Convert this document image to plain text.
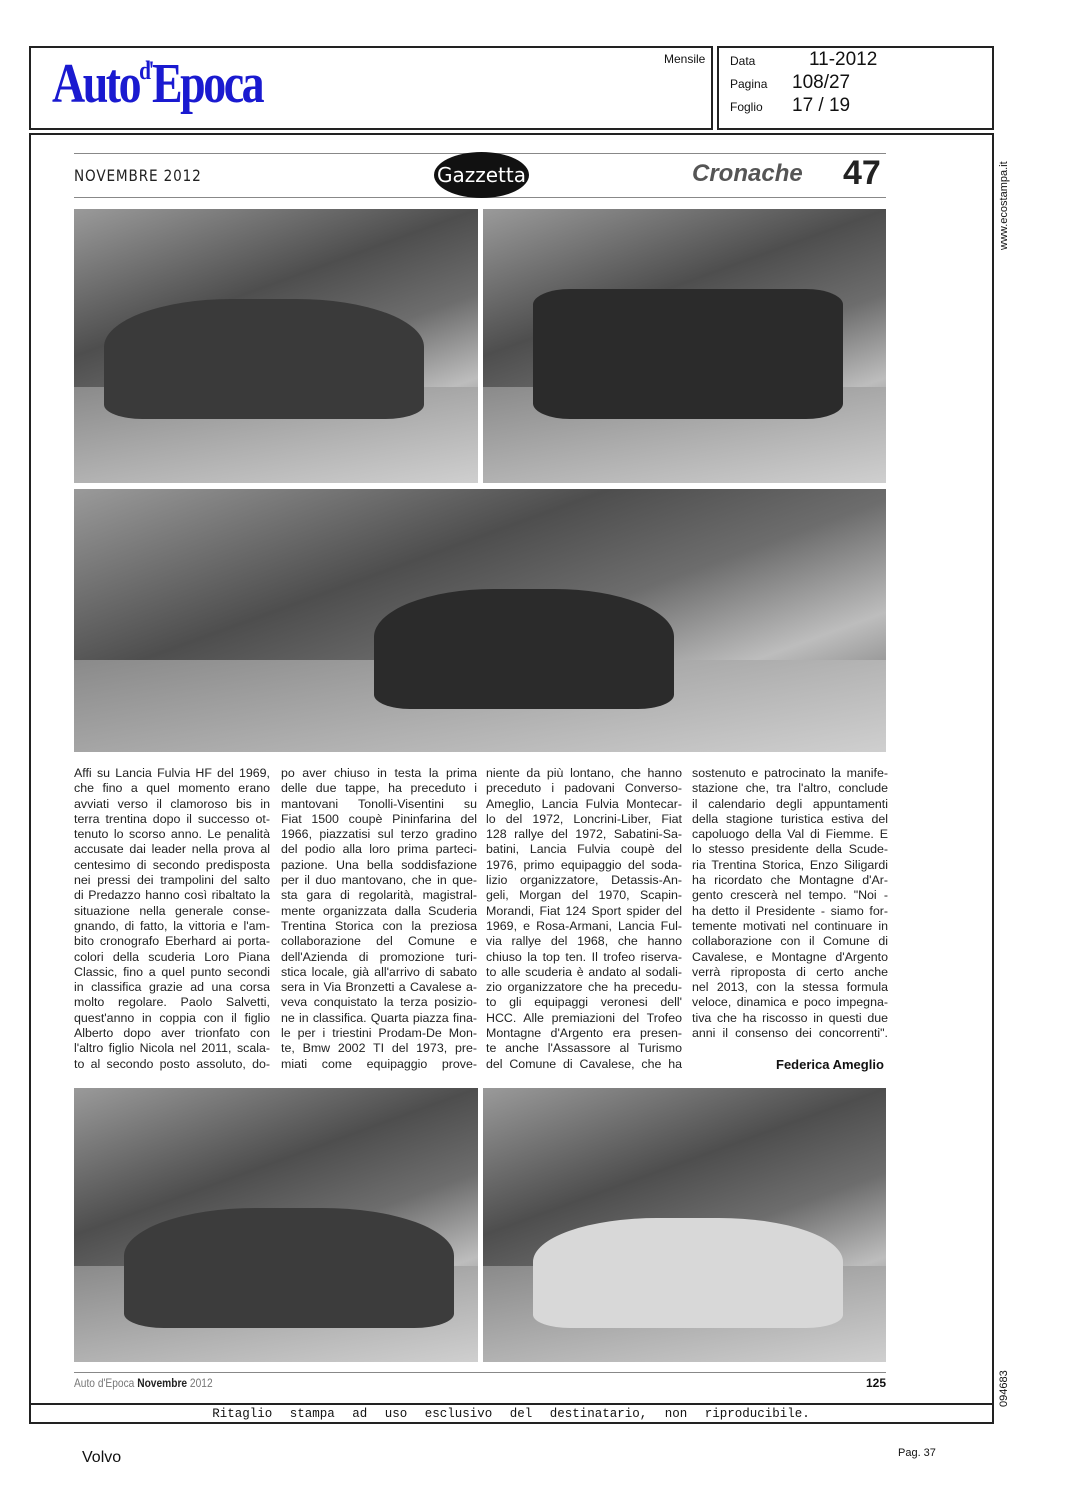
Auto$^{d'}$Epoca	Mensile Data	11-2012
Pagina 108/27
Foglio 17 / 19
www.ecostampa.it
094683
NOVEMBRE 2012	Gazzetta	Cronache 47
Affi su Lancia Fulvia HF del 1969,
che fino a quel momento erano
avviati verso il clamoroso bis in
terra trentina dopo il successo ot-
tenuto lo scorso anno. Le penalità
accusate dai leader nella prova al
centesimo di secondo predisposta
nei pressi dei trampolini del salto
di Predazzo hanno così ribaltato la
situazione nella generale conse-
gnando, di fatto, la vittoria e l'am-
bito cronografo Eberhard ai porta-
colori della scuderia Loro Piana
Classic, fino a quel punto secondi
in classifica grazie ad una corsa
molto regolare. Paolo Salvetti,
quest'anno in coppia con il figlio
Alberto dopo aver trionfato con
l'altro figlio Nicola nel 2011, scala-
to al secondo posto assoluto, do-
po aver chiuso in testa la prima
delle due tappe, ha preceduto i
mantovani Tonolli-Visentini su
Fiat 1500 coupè Pininfarina del
1966, piazzatisi sul terzo gradino
del podio alla loro prima parteci-
pazione. Una bella soddisfazione
per il duo mantovano, che in que-
sta gara di regolarità, magistral-
mente organizzata dalla Scuderia
Trentina Storica con la preziosa
collaborazione del Comune e
dell'Azienda di promozione turi-
stica locale, già all'arrivo di sabato
sera in Via Bronzetti a Cavalese a-
veva conquistato la terza posizio-
ne in classifica. Quarta piazza fina-
le per i triestini Prodam-De Mon-
te, Bmw 2002 TI del 1973, pre-
miati come equipaggio prove-
niente da più lontano, che hanno
preceduto i padovani Converso-
Ameglio, Lancia Fulvia Montecar-
lo del 1972, Loncrini-Liber, Fiat
128 rallye del 1972, Sabatini-Sa-
batini, Lancia Fulvia coupè del
1976, primo equipaggio del soda-
lizio organizzatore, Detassis-An-
geli, Morgan del 1970, Scapin-
Morandi, Fiat 124 Sport spider del
1969, e Rosa-Armani, Lancia Ful-
via rallye del 1968, che hanno
chiuso la top ten. Il trofeo riserva-
to alle scuderia è andato al sodali-
zio organizzatore che ha precedu-
to gli equipaggi veronesi dell'
HCC. Alle premiazioni del Trofeo
Montagne d'Argento era presen-
te anche l'Assassore al Turismo
del Comune di Cavalese, che ha
sostenuto e patrocinato la manife-
stazione che, tra l'altro, conclude
il calendario degli appuntamenti
della stagione turistica estiva del
capoluogo della Val di Fiemme. E
lo stesso presidente della Scude-
ria Trentina Storica, Enzo Siligardi
ha ricordato che Montagne d'Ar-
gento crescerà nel tempo. "Noi -
ha detto il Presidente - siamo for-
temente motivati nel continuare in
collaborazione con il Comune di
Cavalese, e Montagne d'Argento
verrà riproposta di certo anche
nel 2013, con la stessa formula
veloce, dinamica e poco impegna-
tiva che ha riscosso in questi due
anni il consenso dei concorrenti".
Federica Ameglio
Auto d'Epoca Novembre 2012	125
Ritaglio stampa ad uso esclusivo del destinatario, non riproducibile.
Volvo	Pag. 37
